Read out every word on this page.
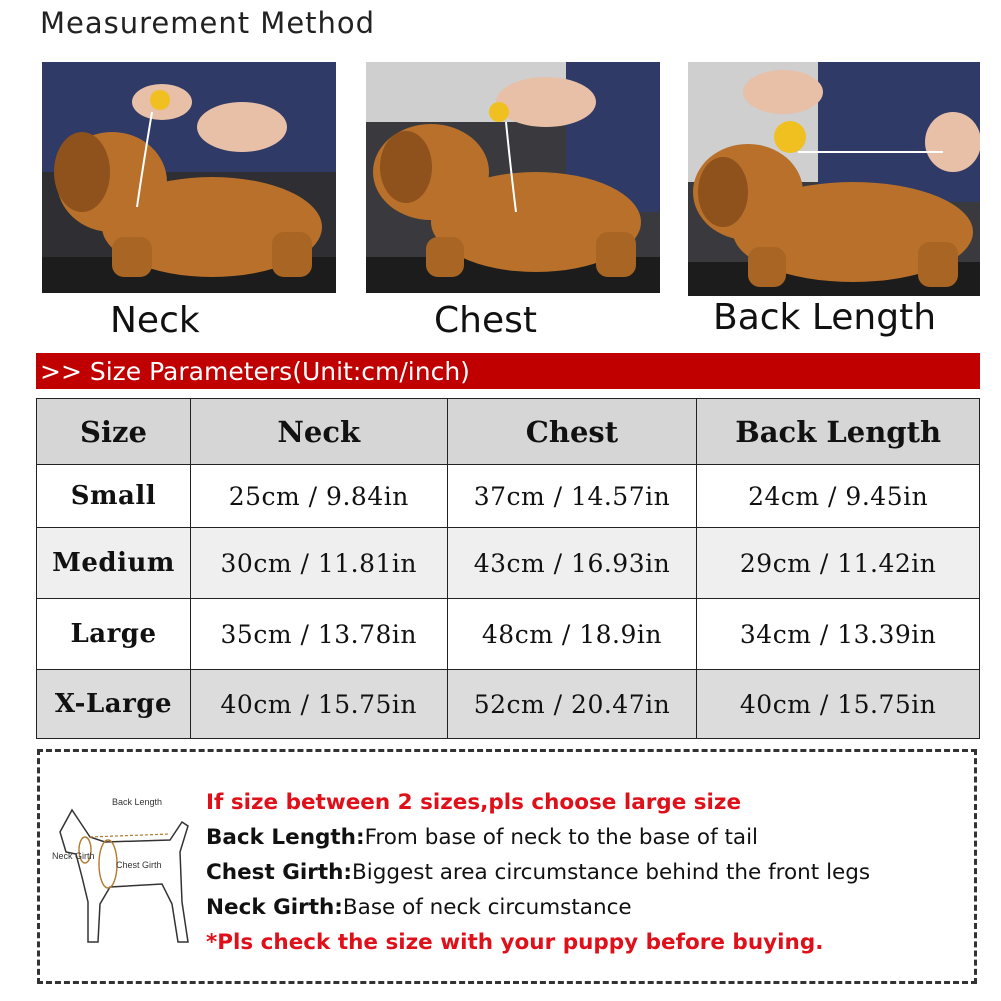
Measurement Method
Neck	Chest	Back Length
>> Size Parameters(Unit:cm/inch)
Size	Neck	Chest	Back Length
Small	25cm / 9.84in	37cm / 14.57in	24cm / 9.45in
Medium	30cm / 11.81in	43cm / 16.93in	29cm / 11.42in
Large	35cm / 13.78in	48cm / 18.9in	34cm / 13.39in
X-Large	40cm / 15.75in	52cm / 20.47in	40cm / 15.75in
Back Length
Neck Girth
Chest Girth
If size between 2 sizes,pls choose large size
Back Length:From base of neck to the base of tail
Chest Girth:Biggest area circumstance behind the front legs
Neck Girth:Base of neck circumstance
*Pls check the size with your puppy before buying.
